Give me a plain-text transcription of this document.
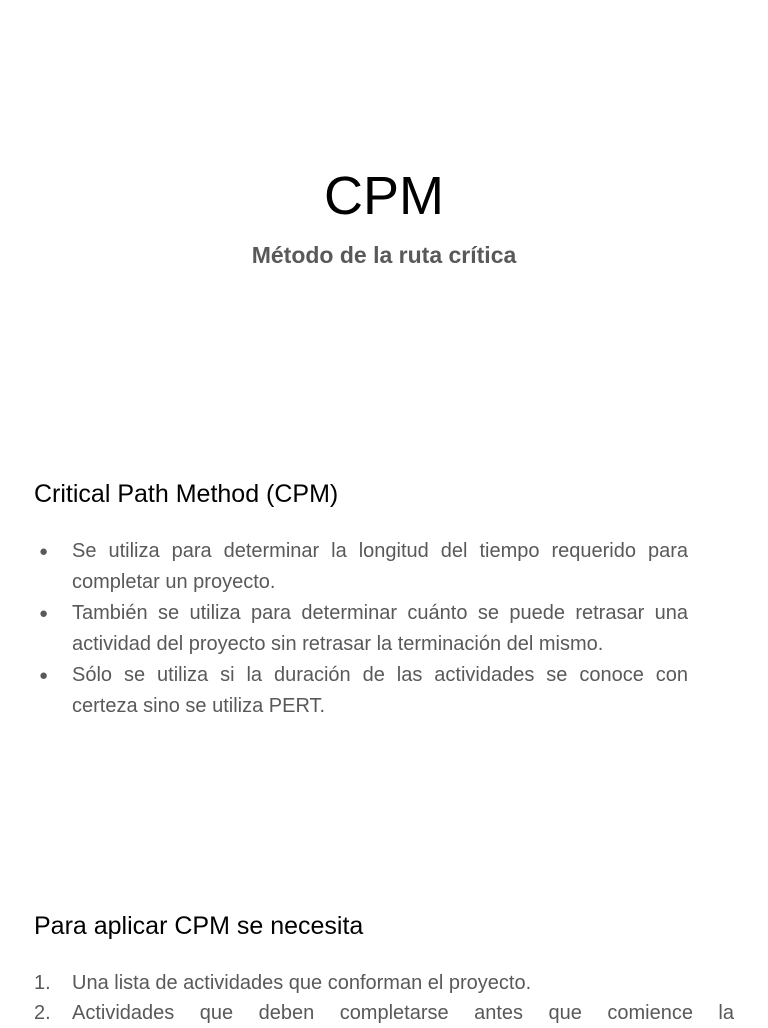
CPM

Método de la ruta crítica

Critical Path Method (CPM)
● Se utiliza para determinar la longitud del tiempo requerido para completar un proyecto.
● También se utiliza para determinar cuánto se puede retrasar una actividad del proyecto sin retrasar la terminación del mismo.
● Sólo se utiliza si la duración de las actividades se conoce con certeza sino se utiliza PERT.
Para aplicar CPM se necesita
1. Una lista de actividades que conforman el proyecto.
2. Actividades que deben completarse antes que comience la
